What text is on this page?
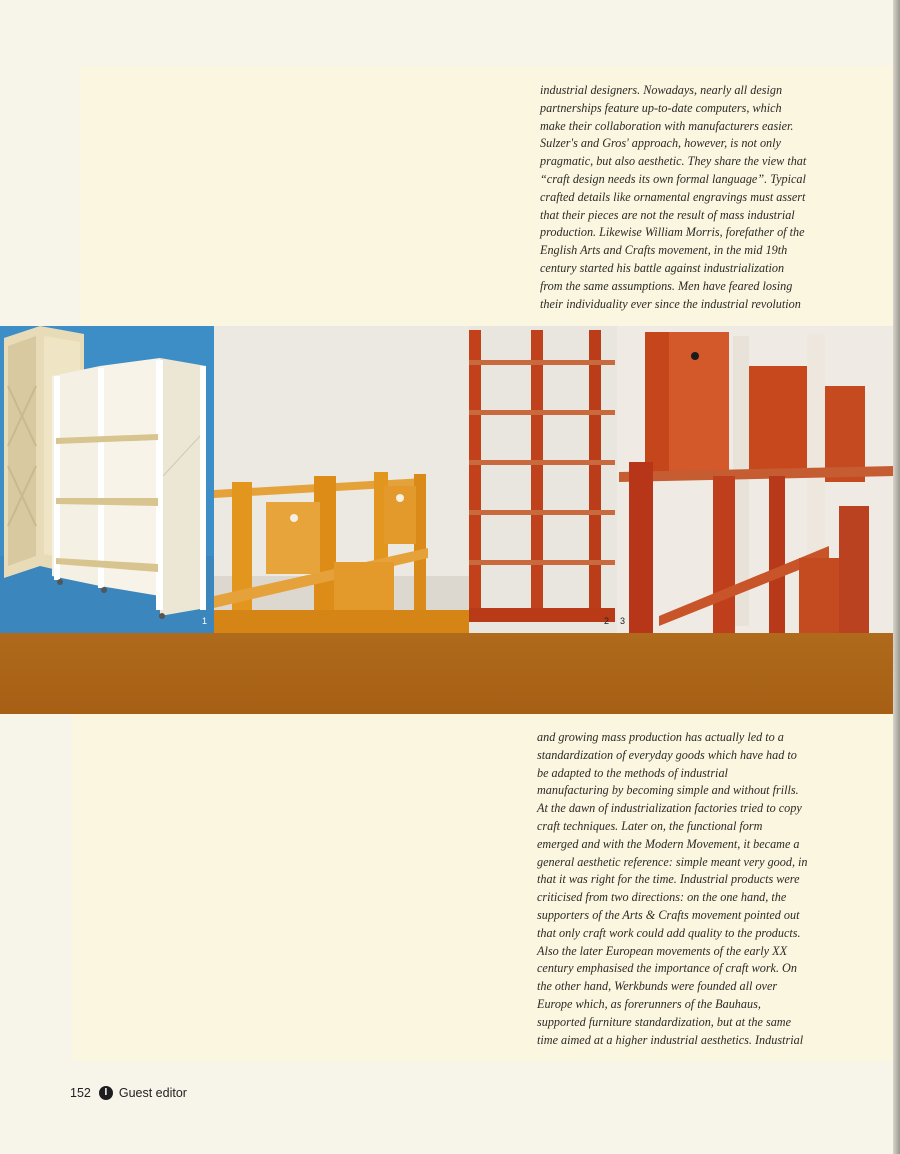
industrial designers. Nowadays, nearly all design
partnerships feature up-to-date computers, which
make their collaboration with manufacturers easier.
Sulzer's and Gros' approach, however, is not only
pragmatic, but also aesthetic. They share the view that
“craft design needs its own formal language”. Typical
crafted details like ornamental engravings must assert
that their pieces are not the result of mass industrial
production. Likewise William Morris, forefather of the
English Arts and Crafts movement, in the mid 19th
century started his battle against industrialization
from the same assumptions. Men have feared losing
their individuality ever since the industrial revolution

1	2 3

and growing mass production has actually led to a
standardization of everyday goods which have had to
be adapted to the methods of industrial
manufacturing by becoming simple and without frills.
At the dawn of industrialization factories tried to copy
craft techniques. Later on, the functional form
emerged and with the Modern Movement, it became a
general aesthetic reference: simple meant very good, in
that it was right for the time. Industrial products were
criticised from two directions: on the one hand, the
supporters of the Arts & Crafts movement pointed out
that only craft work could add quality to the products.
Also the later European movements of the early XX
century emphasised the importance of craft work. On
the other hand, Werkbunds were founded all over
Europe which, as forerunners of the Bauhaus,
supported furniture standardization, but at the same
time aimed at a higher industrial aesthetics. Industrial

152	I Guest editor
